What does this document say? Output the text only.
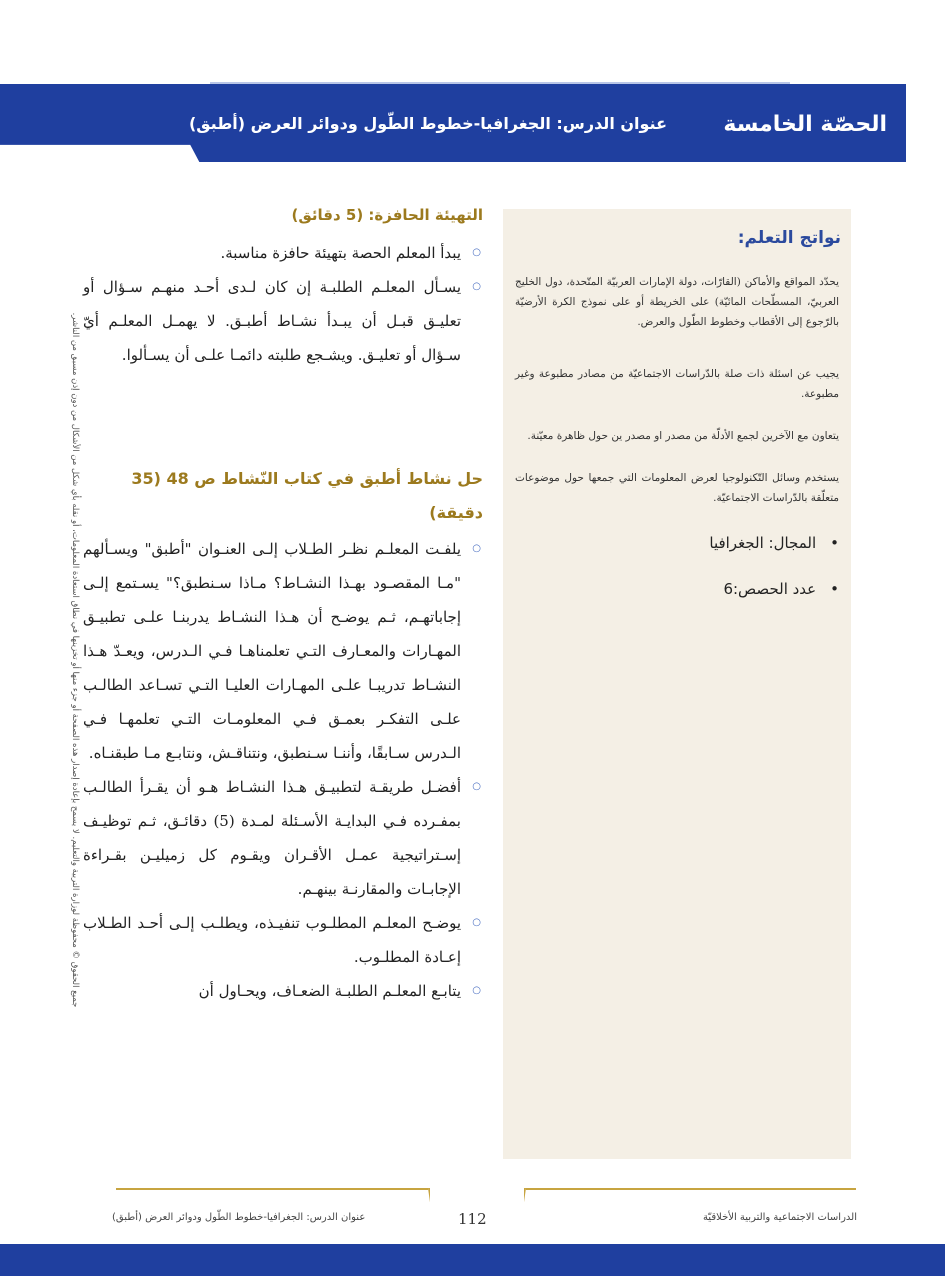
الحصّة الخامسة
عنوان الدرس: الجغرافيا-خطوط الطّول ودوائر العرض (أطبق)
نواتج التعلم:
يحدّد المواقع والأماكن (القارّات، دولة الإمارات العربيّة المتّحدة، دول الخليج العربيّ، المسطّحات المائيّة) على الخريطة أو على نموذج الكرة الأرضيّة بالرّجوع إلى الأقطاب وخطوط الطّول والعرض.
يجيب عن اسئلة ذات صلة بالدّراسات الاجتماعيّة من مصادر مطبوعة وغير مطبوعة.
يتعاون مع الآخرين لجمع الأدلّة من مصدر او مصدر ين حول ظاهرة معيّنة.
يستخدم وسائل التّكنولوجيا لعرض المعلومات التي جمعها حول موضوعات متعلّقة بالدّراسات الاجتماعيّة.
• المجال: الجغرافيا
• عدد الحصص:6
جميع الحقوق © محفوظة لوزارة التربية والتعليم. لا يسمح بإعادة إصدار هذه الصفحة أو جزء منها أو تخزينها في نطاق استعادة المعلومات، أو نقله بأي شكل من الأشكال من دون إذن مسبق من الناشر.
التهيئة الحافزة: (5 دقائق)
○ يبدأ المعلم الحصة بتهيئة حافزة مناسبة.
○ يسـأل المعلـم الطلبـة إن كان لـدى أحـد منهـم سـؤال أو تعليـق قبـل أن يبـدأ نشـاط أطبـق. لا يهمـل المعلـم أيّ سـؤال أو تعليـق. ويشـجع طلبته دائمـا علـى أن يسـألوا.
حل نشاط أطبق في كتاب النّشاط ص 48 (35 دقيقة)
○ يلفـت المعلـم نظـر الطـلاب إلـى العنـوان "أطبق" ويسـألهم "مـا المقصـود بهـذا النشـاط؟ مـاذا سـنطبق؟" يسـتمع إلـى إجاباتهـم، ثـم يوضـح أن هـذا النشـاط يدربنـا علـى تطبيـق المهـارات والمعـارف التـي تعلمناهـا فـي الـدرس، ويعـدّ هـذا النشـاط تدريبـا علـى المهـارات العليـا التـي تسـاعد الطالـب علـى التفكـر بعمـق فـي المعلومـات التـي تعلمهـا فـي الـدرس سـابقًا، وأننـا سـنطبق، ونتناقـش، ونتابـع مـا طبقنـاه.
○ أفضـل طريقـة لتطبيـق هـذا النشـاط هـو أن يقـرأ الطالـب بمفـرده فـي البدايـة الأسـئلة لمـدة (5) دقائـق، ثـم توظيـف إسـتراتيجية عمـل الأقـران ويقـوم كل زميليـن بقـراءة الإجابـات والمقارنـة بينهـم.
○ يوضـح المعلـم المطلـوب تنفيـذه، ويطلـب إلـى أحـد الطـلاب إعـادة المطلـوب.
○ يتابـع المعلـم الطلبـة الضعـاف، ويحـاول أن
112
عنوان الدرس: الجغرافيا-خطوط الطّول ودوائر العرض (أطبق)	الدراسات الاجتماعية والتربية الأخلاقيّة
